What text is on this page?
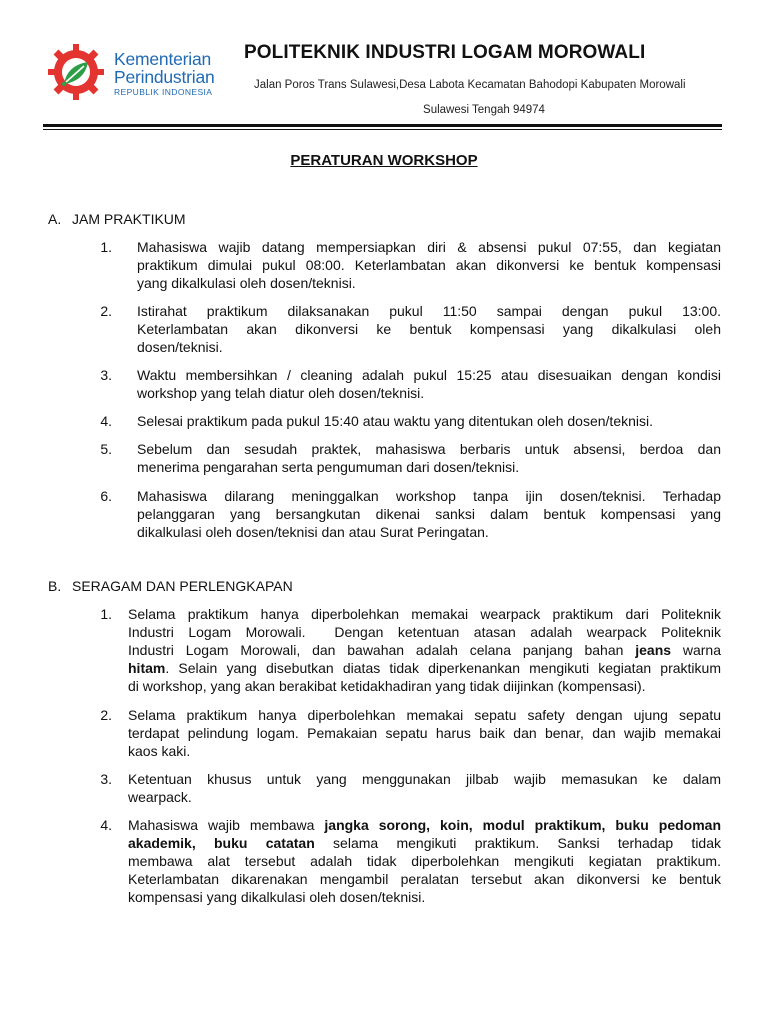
Kementerian
Perindustrian
REPUBLIK INDONESIA
POLITEKNIK INDUSTRI LOGAM MOROWALI
Jalan Poros Trans Sulawesi,Desa Labota Kecamatan Bahodopi Kabupaten Morowali
Sulawesi Tengah 94974
PERATURAN WORKSHOP
A. JAM PRAKTIKUM
1. Mahasiswa wajib datang mempersiapkan diri & absensi pukul 07:55, dan kegiatan
praktikum dimulai pukul 08:00. Keterlambatan akan dikonversi ke bentuk kompensasi
yang dikalkulasi oleh dosen/teknisi.
2. Istirahat praktikum dilaksanakan pukul 11:50 sampai dengan pukul 13:00.
Keterlambatan akan dikonversi ke bentuk kompensasi yang dikalkulasi oleh
dosen/teknisi.
3. Waktu membersihkan / cleaning adalah pukul 15:25 atau disesuaikan dengan kondisi
workshop yang telah diatur oleh dosen/teknisi.
4. Selesai praktikum pada pukul 15:40 atau waktu yang ditentukan oleh dosen/teknisi.
5. Sebelum dan sesudah praktek, mahasiswa berbaris untuk absensi, berdoa dan
menerima pengarahan serta pengumuman dari dosen/teknisi.
6. Mahasiswa dilarang meninggalkan workshop tanpa ijin dosen/teknisi. Terhadap
pelanggaran yang bersangkutan dikenai sanksi dalam bentuk kompensasi yang
dikalkulasi oleh dosen/teknisi dan atau Surat Peringatan.
B. SERAGAM DAN PERLENGKAPAN
1. Selama praktikum hanya diperbolehkan memakai wearpack praktikum dari Politeknik
Industri Logam Morowali.  Dengan ketentuan atasan adalah wearpack Politeknik
Industri Logam Morowali, dan bawahan adalah celana panjang bahan jeans warna
hitam. Selain yang disebutkan diatas tidak diperkenankan mengikuti kegiatan praktikum
di workshop, yang akan berakibat ketidakhadiran yang tidak diijinkan (kompensasi).
2. Selama praktikum hanya diperbolehkan memakai sepatu safety dengan ujung sepatu
terdapat pelindung logam. Pemakaian sepatu harus baik dan benar, dan wajib memakai
kaos kaki.
3. Ketentuan khusus untuk yang menggunakan jilbab wajib memasukan ke dalam
wearpack.
4. Mahasiswa wajib membawa jangka sorong, koin, modul praktikum, buku pedoman
akademik, buku catatan selama mengikuti praktikum. Sanksi terhadap tidak
membawa alat tersebut adalah tidak diperbolehkan mengikuti kegiatan praktikum.
Keterlambatan dikarenakan mengambil peralatan tersebut akan dikonversi ke bentuk
kompensasi yang dikalkulasi oleh dosen/teknisi.
